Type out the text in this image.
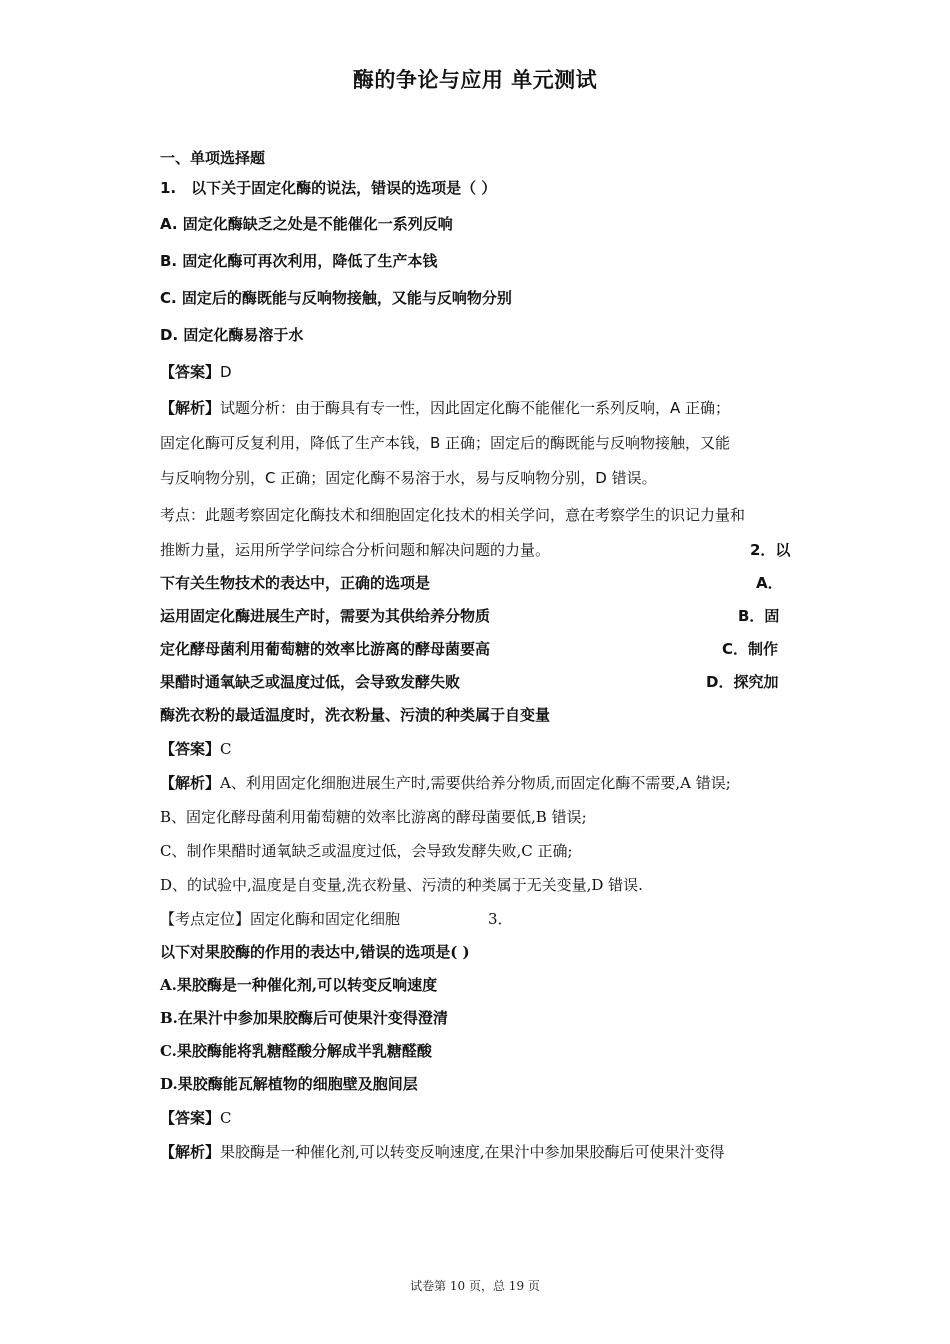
酶的争论与应用 单元测试
一、单项选择题
1.　以下关于固定化酶的说法，错误的选项是（ ）
A. 固定化酶缺乏之处是不能催化一系列反响
B. 固定化酶可再次利用，降低了生产本钱
C. 固定后的酶既能与反响物接触，又能与反响物分别
D. 固定化酶易溶于水
【答案】D
【解析】试题分析：由于酶具有专一性，因此固定化酶不能催化一系列反响，A 正确；
固定化酶可反复利用，降低了生产本钱，B 正确；固定后的酶既能与反响物接触，又能
与反响物分别，C 正确；固定化酶不易溶于水，易与反响物分别，D 错误。
考点：此题考察固定化酶技术和细胞固定化技术的相关学问，意在考察学生的识记力量和
推断力量，运用所学学问综合分析问题和解决问题的力量。	2．以
下有关生物技术的表达中，正确的选项是	A．
运用固定化酶进展生产时，需要为其供给养分物质	B．固
定化酵母菌利用葡萄糖的效率比游离的酵母菌要高	C．制作
果醋时通氧缺乏或温度过低，会导致发酵失败	D．探究加
酶洗衣粉的最适温度时，洗衣粉量、污渍的种类属于自变量
【答案】C
【解析】A、利用固定化细胞进展生产时,需要供给养分物质,而固定化酶不需要,A 错误;
B、固定化酵母菌利用葡萄糖的效率比游离的酵母菌要低,B 错误;
C、制作果醋时通氧缺乏或温度过低，会导致发酵失败,C 正确;
D、的试验中,温度是自变量,洗衣粉量、污渍的种类属于无关变量,D 错误.
【考点定位】固定化酶和固定化细胞	3．
以下对果胶酶的作用的表达中,错误的选项是( )
A.果胶酶是一种催化剂,可以转变反响速度
B.在果汁中参加果胶酶后可使果汁变得澄清
C.果胶酶能将乳糖醛酸分解成半乳糖醛酸
D.果胶酶能瓦解植物的细胞壁及胞间层
【答案】C
【解析】果胶酶是一种催化剂,可以转变反响速度,在果汁中参加果胶酶后可使果汁变得
试卷第 10 页，总 19 页
